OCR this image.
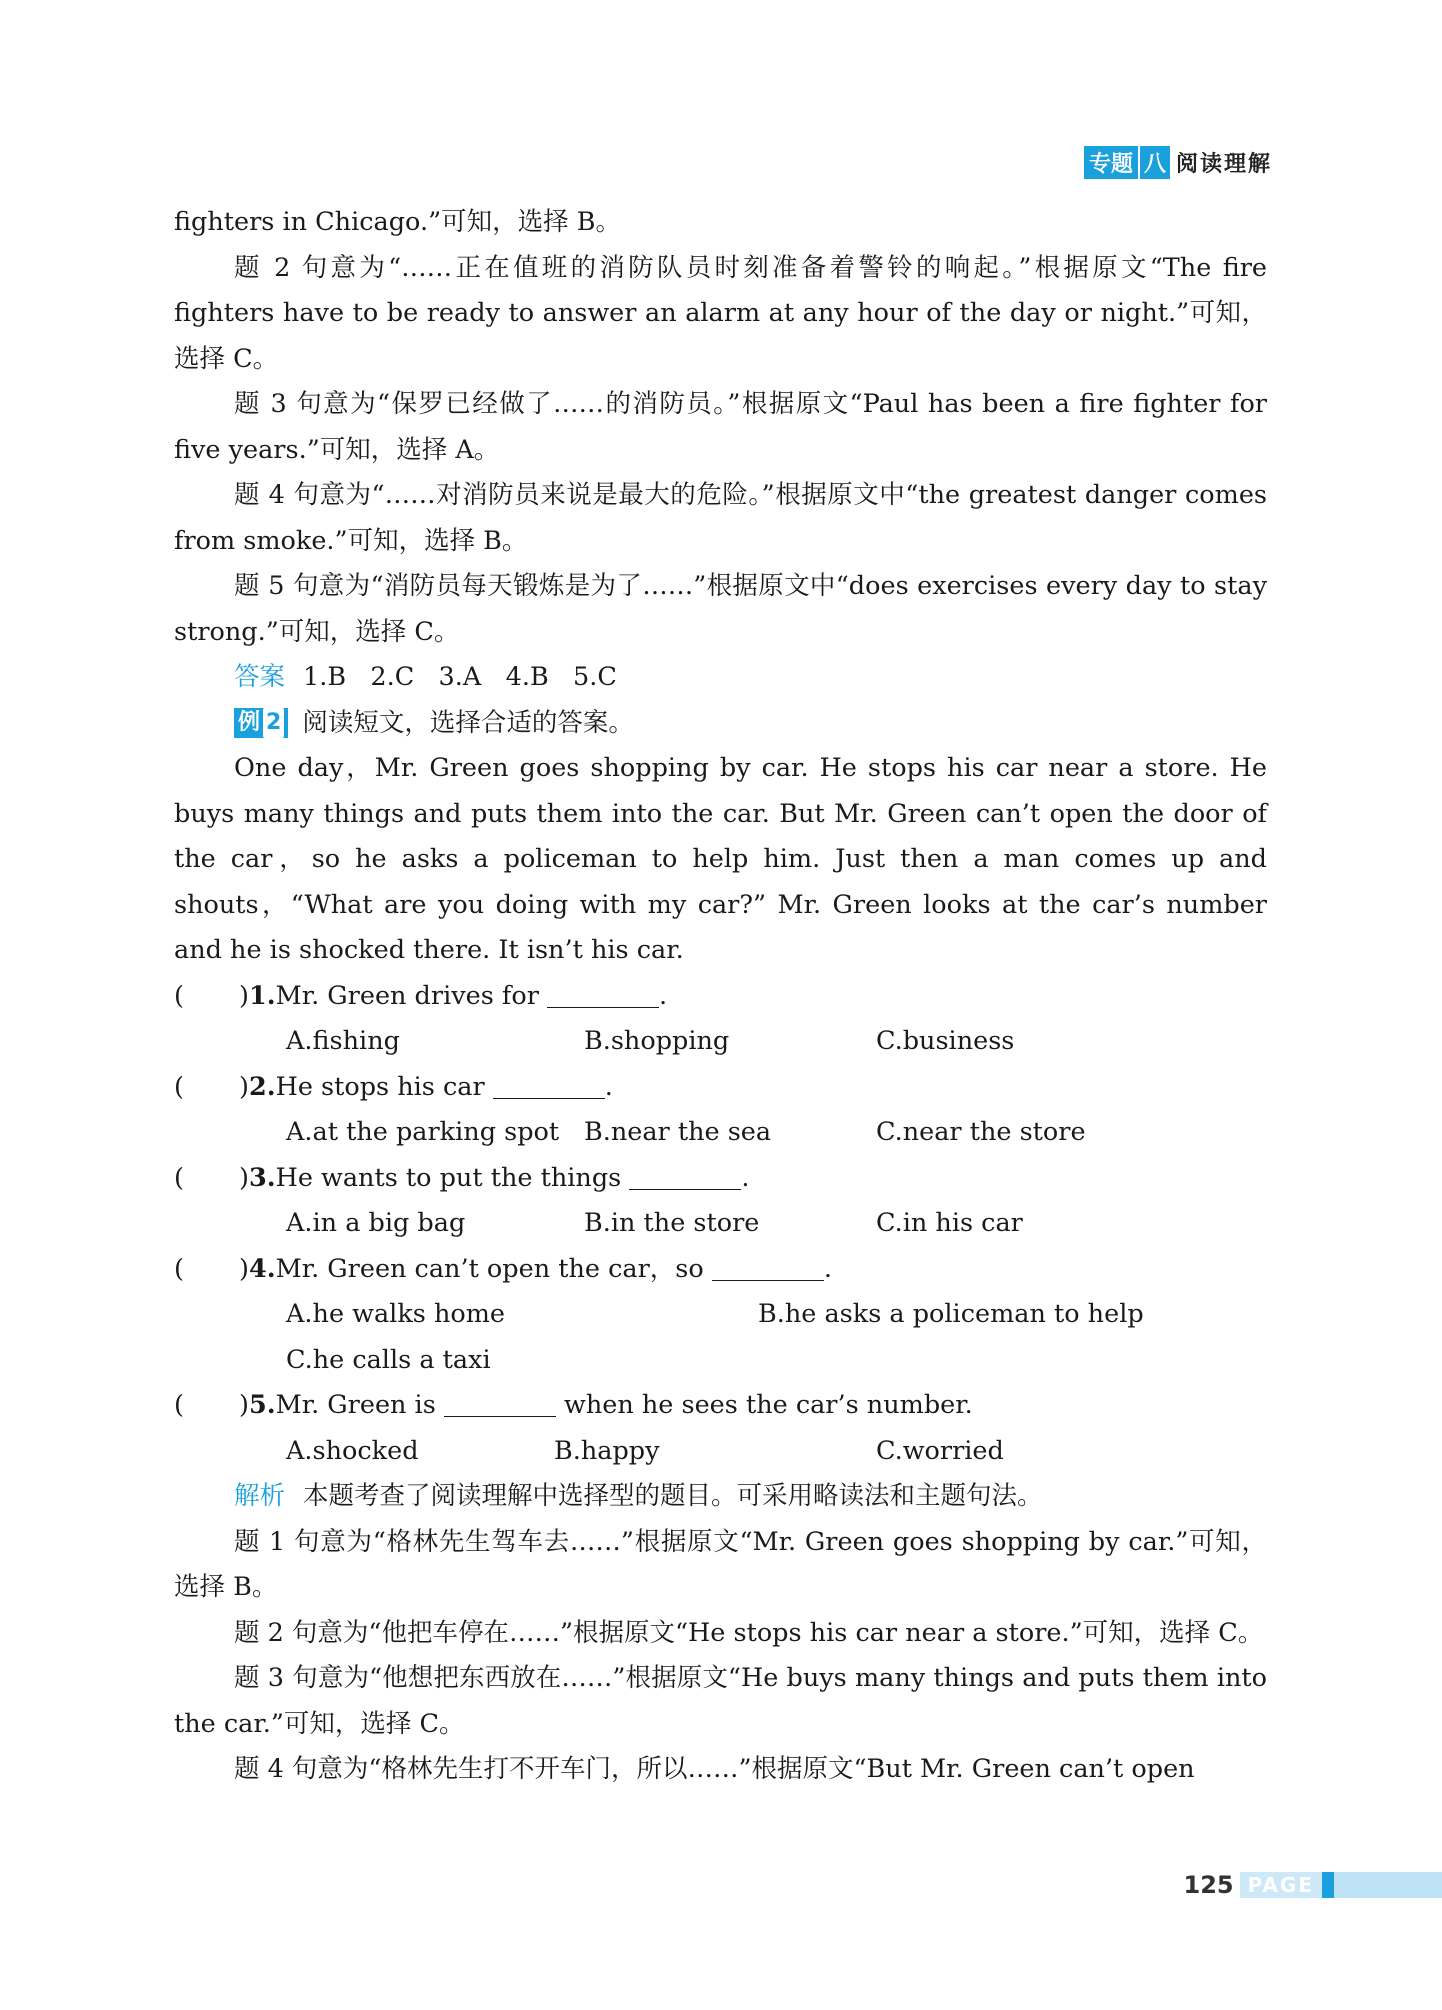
专题 八 阅读理解

fighters in Chicago.”可知，选择 B。

题 2 句意为“……正在值班的消防队员时刻准备着警铃的响起。”根据原文“The fire fighters have to be ready to answer an alarm at any hour of the day or night.”可知，选择 C。

题 3 句意为“保罗已经做了……的消防员。”根据原文“Paul has been a fire fighter for five years.”可知，选择 A。

题 4 句意为“……对消防员来说是最大的危险。”根据原文中“the greatest danger comes from smoke.”可知，选择 B。

题 5 句意为“消防员每天锻炼是为了……”根据原文中“does exercises every day to stay strong.”可知，选择 C。

答案 1.B   2.C   3.A   4.B   5.C

例 2 阅读短文，选择合适的答案。

One day，Mr. Green goes shopping by car. He stops his car near a store. He buys many things and puts them into the car. But Mr. Green can’t open the door of the car，so he asks a policeman to help him. Just then a man comes up and shouts，“What are you doing with my car?” Mr. Green looks at the car’s number and he is shocked there. It isn’t his car.

(	) 1.Mr. Green drives for	.
A.fishing	B.shopping	C.business
(	) 2.He stops his car	.
A.at the parking spot B.near the sea	C.near the store
(	) 3.He wants to put the things	.
A.in a big bag	B.in the store	C.in his car
(	) 4.Mr. Green can’t open the car，so	.
A.he walks home	B.he asks a policeman to help
C.he calls a taxi
(	) 5.Mr. Green is	when he sees the car’s number.
A.shocked	B.happy	C.worried

解析 本题考查了阅读理解中选择型的题目。可采用略读法和主题句法。

题 1 句意为“格林先生驾车去……”根据原文“Mr. Green goes shopping by car.”可知，选择 B。

题 2 句意为“他把车停在……”根据原文“He stops his car near a store.”可知，选择 C。

题 3 句意为“他想把东西放在……”根据原文“He buys many things and puts them into the car.”可知，选择 C。

题 4 句意为“格林先生打不开车门，所以……”根据原文“But Mr. Green can’t open

125 PAGE
